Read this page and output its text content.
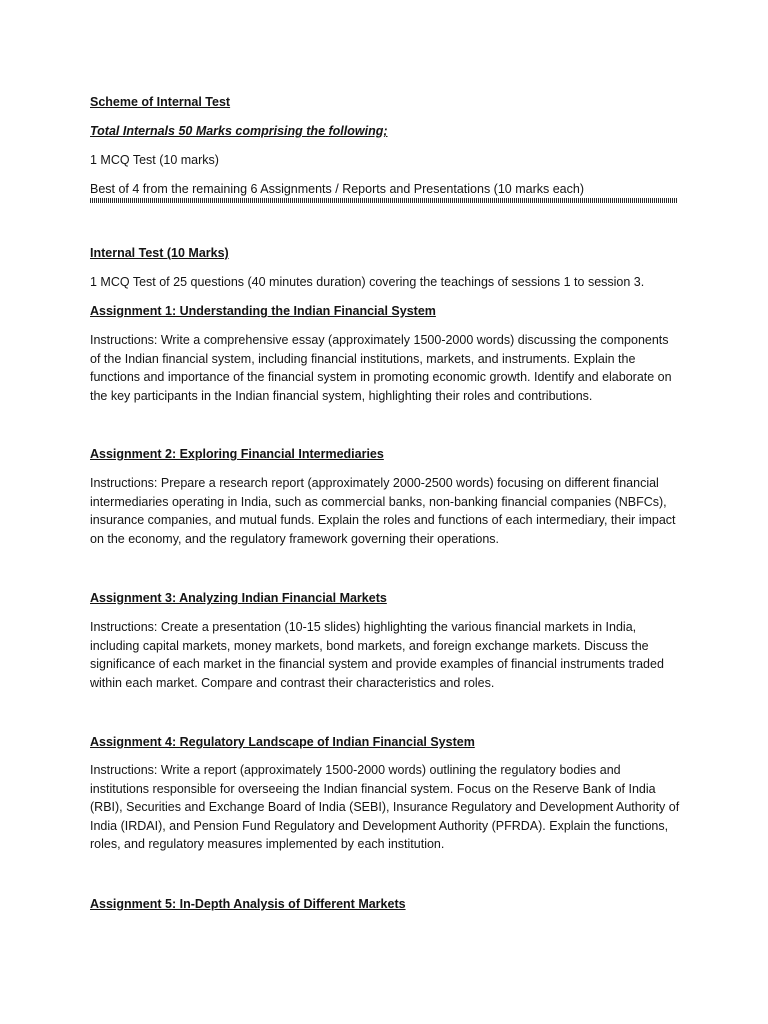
Scheme of Internal Test

Total Internals 50 Marks comprising the following;

1 MCQ Test (10 marks)

Best of 4 from the remaining 6 Assignments / Reports and Presentations (10 marks each)

Internal Test (10 Marks)

1 MCQ Test of 25 questions (40 minutes duration) covering the teachings of sessions 1 to session 3.

Assignment 1: Understanding the Indian Financial System

Instructions: Write a comprehensive essay (approximately 1500-2000 words) discussing the components of the Indian financial system, including financial institutions, markets, and instruments. Explain the functions and importance of the financial system in promoting economic growth. Identify and elaborate on the key participants in the Indian financial system, highlighting their roles and contributions.

Assignment 2: Exploring Financial Intermediaries

Instructions: Prepare a research report (approximately 2000-2500 words) focusing on different financial intermediaries operating in India, such as commercial banks, non-banking financial companies (NBFCs), insurance companies, and mutual funds. Explain the roles and functions of each intermediary, their impact on the economy, and the regulatory framework governing their operations.

Assignment 3: Analyzing Indian Financial Markets

Instructions: Create a presentation (10-15 slides) highlighting the various financial markets in India, including capital markets, money markets, bond markets, and foreign exchange markets. Discuss the significance of each market in the financial system and provide examples of financial instruments traded within each market. Compare and contrast their characteristics and roles.

Assignment 4: Regulatory Landscape of Indian Financial System

Instructions: Write a report (approximately 1500-2000 words) outlining the regulatory bodies and institutions responsible for overseeing the Indian financial system. Focus on the Reserve Bank of India (RBI), Securities and Exchange Board of India (SEBI), Insurance Regulatory and Development Authority of India (IRDAI), and Pension Fund Regulatory and Development Authority (PFRDA). Explain the functions, roles, and regulatory measures implemented by each institution.

Assignment 5: In-Depth Analysis of Different Markets
